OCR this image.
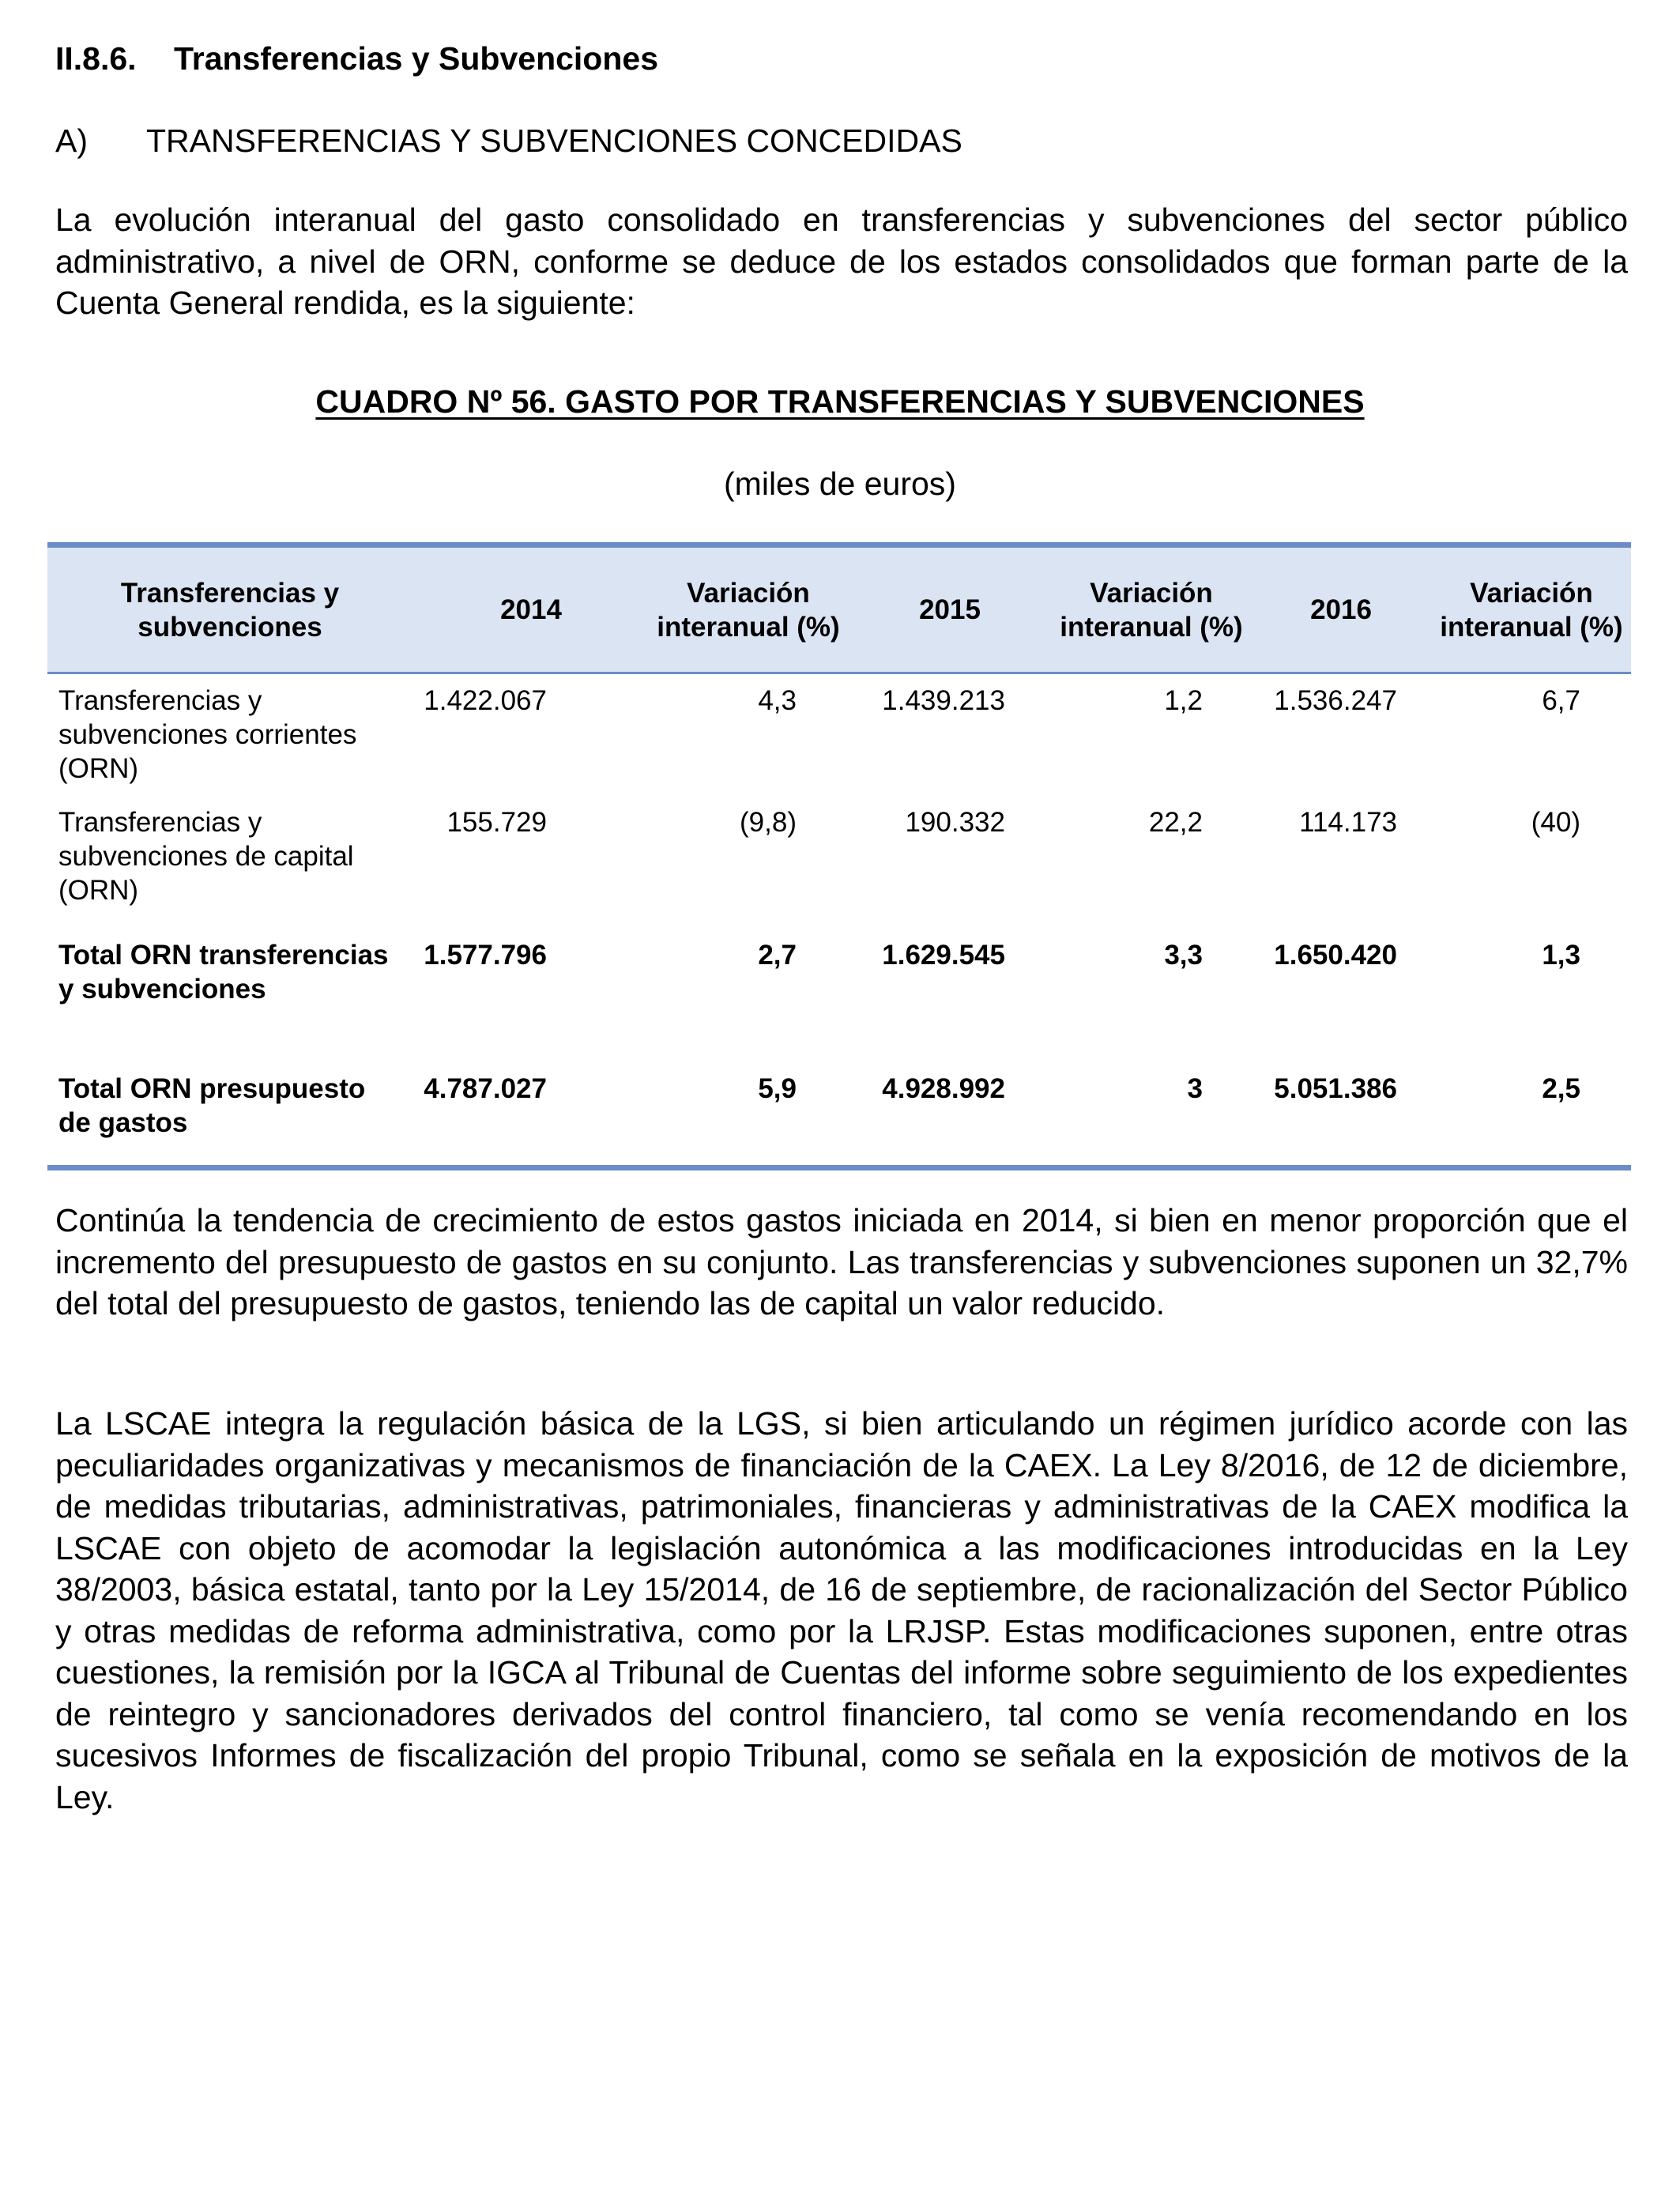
II.8.6. Transferencias y Subvenciones
A) TRANSFERENCIAS Y SUBVENCIONES CONCEDIDAS

La evolución interanual del gasto consolidado en transferencias y subvenciones del sector público administrativo, a nivel de ORN, conforme se deduce de los estados consolidados que forman parte de la Cuenta General rendida, es la siguiente:

CUADRO Nº 56. GASTO POR TRANSFERENCIAS Y SUBVENCIONES
(miles de euros)
Transferencias y subvenciones	2014	Variación interanual (%)	2015	Variación interanual (%)	2016	Variación interanual (%)
Transferencias y subvenciones corrientes (ORN)	1.422.067	4,3	1.439.213	1,2	1.536.247	6,7
Transferencias y subvenciones de capital (ORN)	155.729	(9,8)	190.332	22,2	114.173	(40)
Total ORN transferencias y subvenciones	1.577.796	2,7	1.629.545	3,3	1.650.420	1,3
Total ORN presupuesto de gastos	4.787.027	5,9	4.928.992	3	5.051.386	2,5

Continúa la tendencia de crecimiento de estos gastos iniciada en 2014, si bien en menor proporción que el incremento del presupuesto de gastos en su conjunto. Las transferencias y subvenciones suponen un 32,7% del total del presupuesto de gastos, teniendo las de capital un valor reducido.

La LSCAE integra la regulación básica de la LGS, si bien articulando un régimen jurídico acorde con las peculiaridades organizativas y mecanismos de financiación de la CAEX. La Ley 8/2016, de 12 de diciembre, de medidas tributarias, administrativas, patrimoniales, financieras y administrativas de la CAEX modifica la LSCAE con objeto de acomodar la legislación autonómica a las modificaciones introducidas en la Ley 38/2003, básica estatal, tanto por la Ley 15/2014, de 16 de septiembre, de racionalización del Sector Público y otras medidas de reforma administrativa, como por la LRJSP. Estas modificaciones suponen, entre otras cuestiones, la remisión por la IGCA al Tribunal de Cuentas del informe sobre seguimiento de los expedientes de reintegro y sancionadores derivados del control financiero, tal como se venía recomendando en los sucesivos Informes de fiscalización del propio Tribunal, como se señala en la exposición de motivos de la Ley.
